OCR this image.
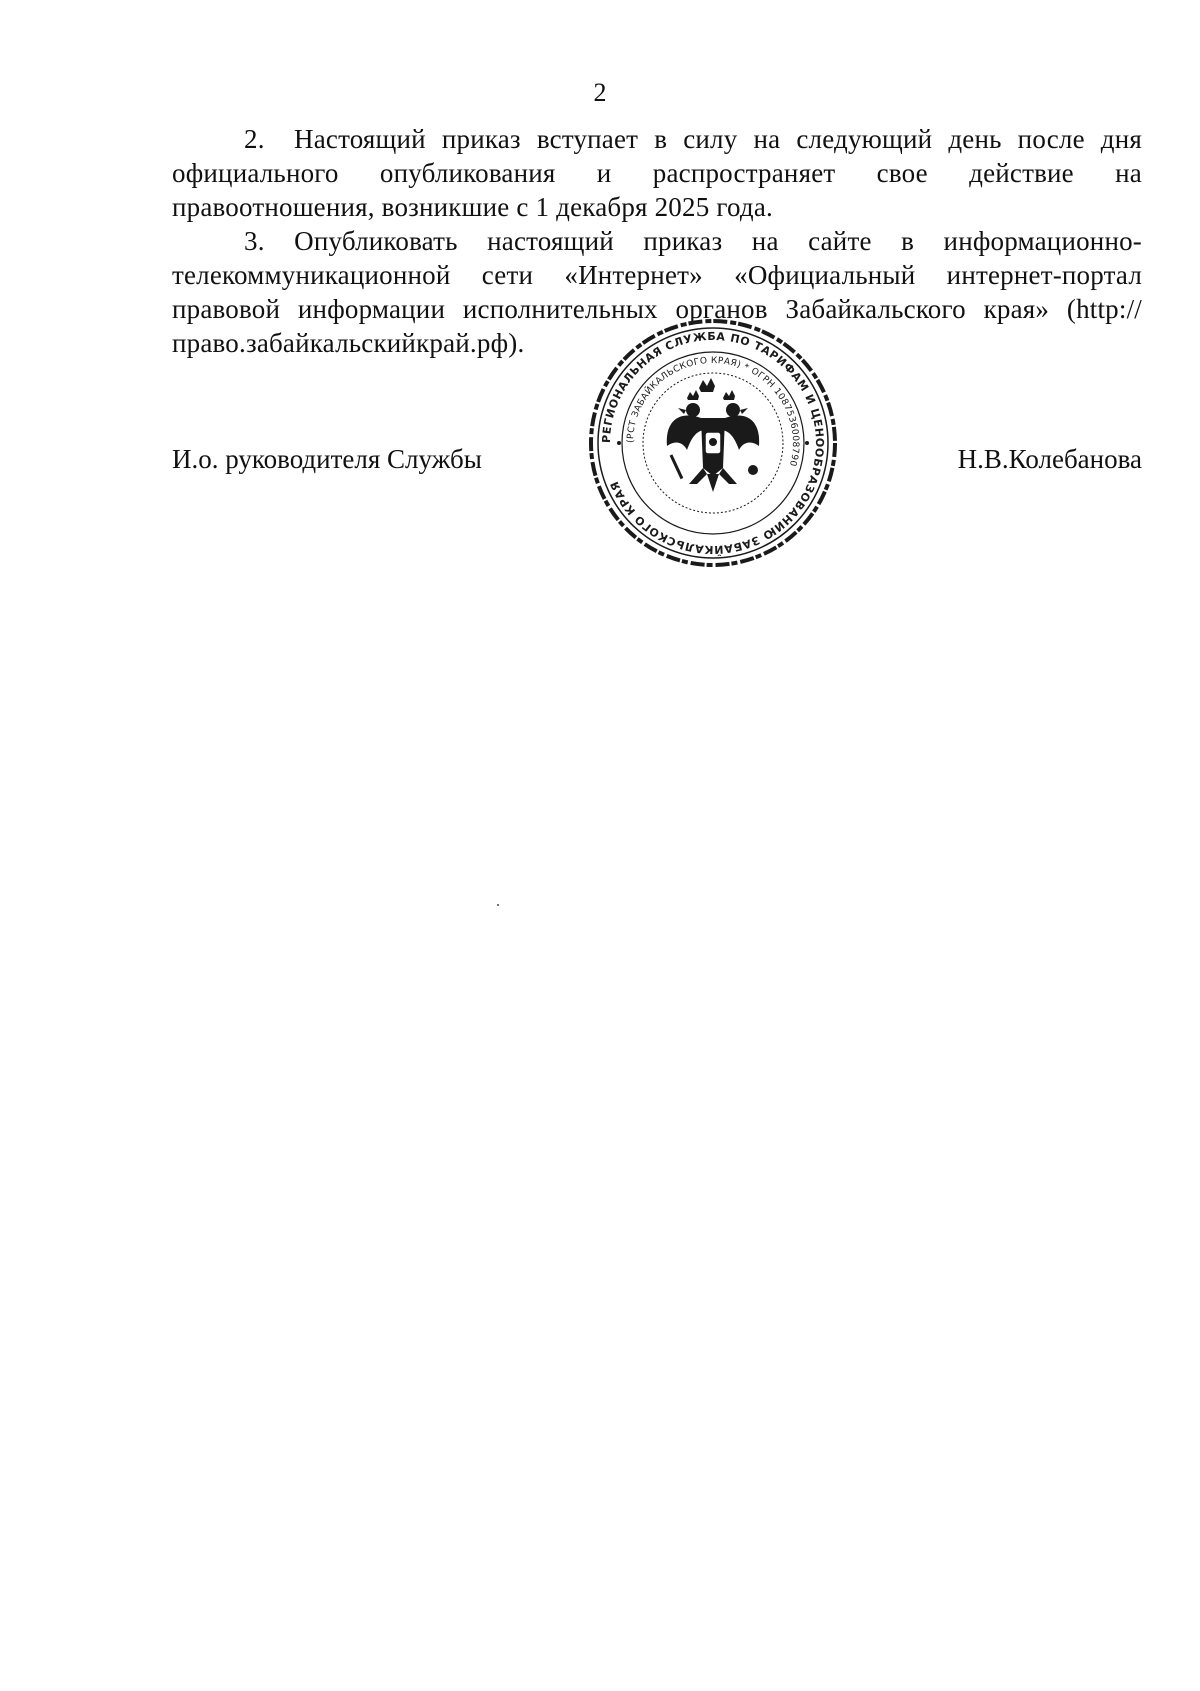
2

2. Настоящий приказ вступает в силу на следующий день после дня официального опубликования и распространяет свое действие на правоотношения, возникшие с 1 декабря 2025 года.

3. Опубликовать настоящий приказ на сайте в информационно-телекоммуникационной сети «Интернет» «Официальный интернет-портал правовой информации исполнительных органов Забайкальского края» (http://право.забайкальскийкрай.рф).

И.о. руководителя Службы	Н.В.Колебанова
РЕГИОНАЛЬНАЯ СЛУЖБА ПО ТАРИФАМ И ЦЕНООБРАЗОВАНИЮ ЗАБАЙКАЛЬСКОГО КРАЯ
(РСТ ЗАБАЙКАЛЬСКОГО КРАЯ) * ОГРН 1087536008790
